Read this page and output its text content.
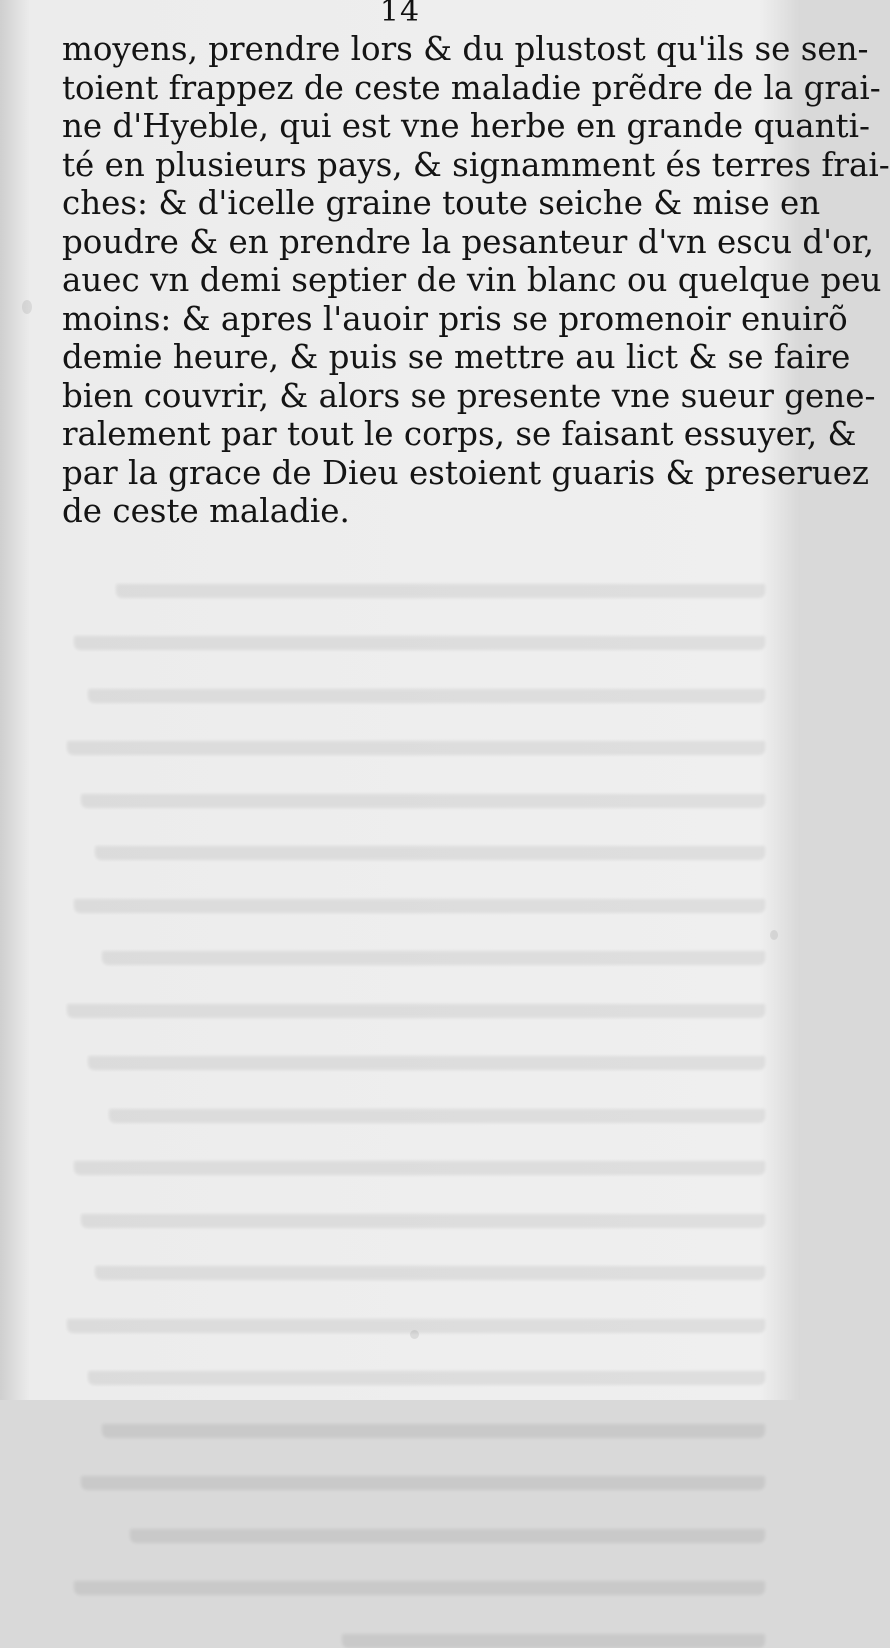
14
moyens, prendre lors & du plustost qu'ils se sen-
toient frappez de ceste maladie prẽdre de la grai-
ne d'Hyeble, qui est vne herbe en grande quanti-
té en plusieurs pays, & signamment és terres frai-
ches: & d'icelle graine toute seiche & mise en
poudre & en prendre la pesanteur d'vn escu d'or,
auec vn demi septier de vin blanc ou quelque peu
moins: & apres l'auoir pris se promenoir enuirõ
demie heure, & puis se mettre au lict & se faire
bien couvrir, & alors se presente vne sueur gene-
ralement par tout le corps, se faisant essuyer, &
par la grace de Dieu estoient guaris & preseruez
de ceste maladie.
